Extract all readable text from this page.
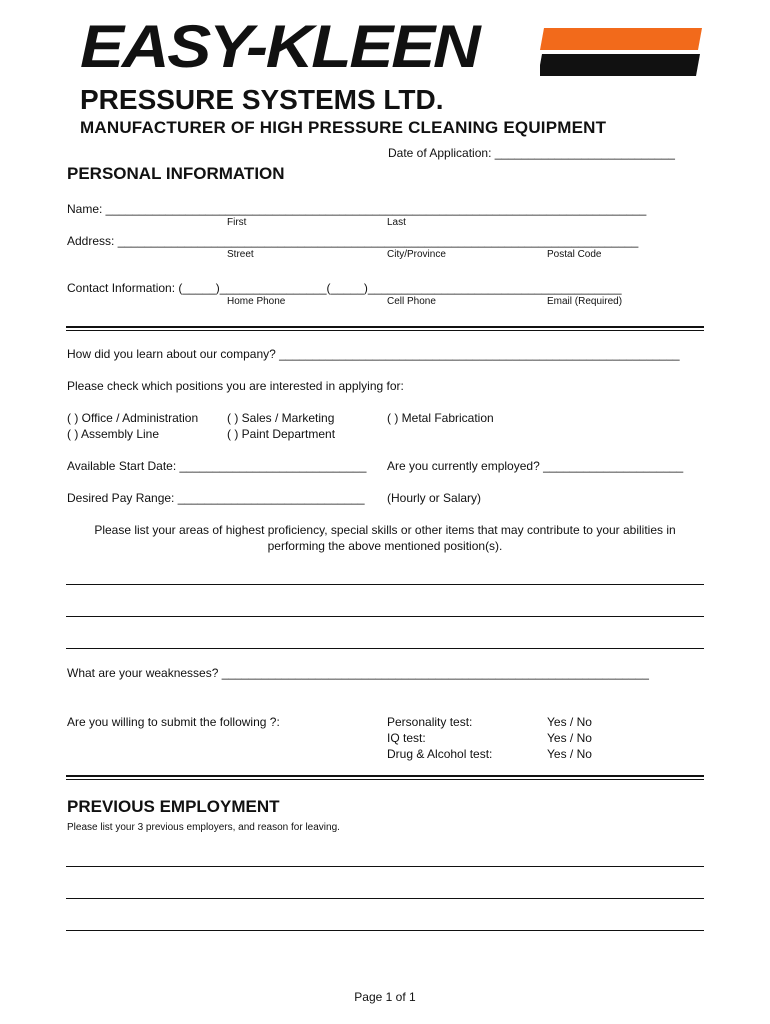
EASY-KLEEN
PRESSURE SYSTEMS LTD.
MANUFACTURER OF HIGH PRESSURE CLEANING EQUIPMENT
Date of Application: ___________________________
PERSONAL INFORMATION
Name: _________________________________________________________________________________
First	Last
Address: ______________________________________________________________________________
Street	City/Province	Postal Code
Contact Information: (_____)________________(_____)______________________________________
Home Phone	Cell Phone	Email (Required)
How did you learn about our company? ____________________________________________________________
Please check which positions you are interested in applying for:
( ) Office / Administration ( ) Sales / Marketing	( ) Metal Fabrication
( ) Assembly Line	( ) Paint Department
Available Start Date: ____________________________ Are you currently employed? _____________________
Desired Pay Range: ____________________________ (Hourly or Salary)
Please list your areas of highest proficiency, special skills or other items that may contribute to your abilities in
performing the above mentioned position(s).
What are your weaknesses? ________________________________________________________________
Are you willing to submit the following ?:	Personality test:	Yes / No
IQ test:	Yes / No
Drug & Alcohol test:	Yes / No
PREVIOUS EMPLOYMENT
Please list your 3 previous employers, and reason for leaving.
Page 1 of 1
